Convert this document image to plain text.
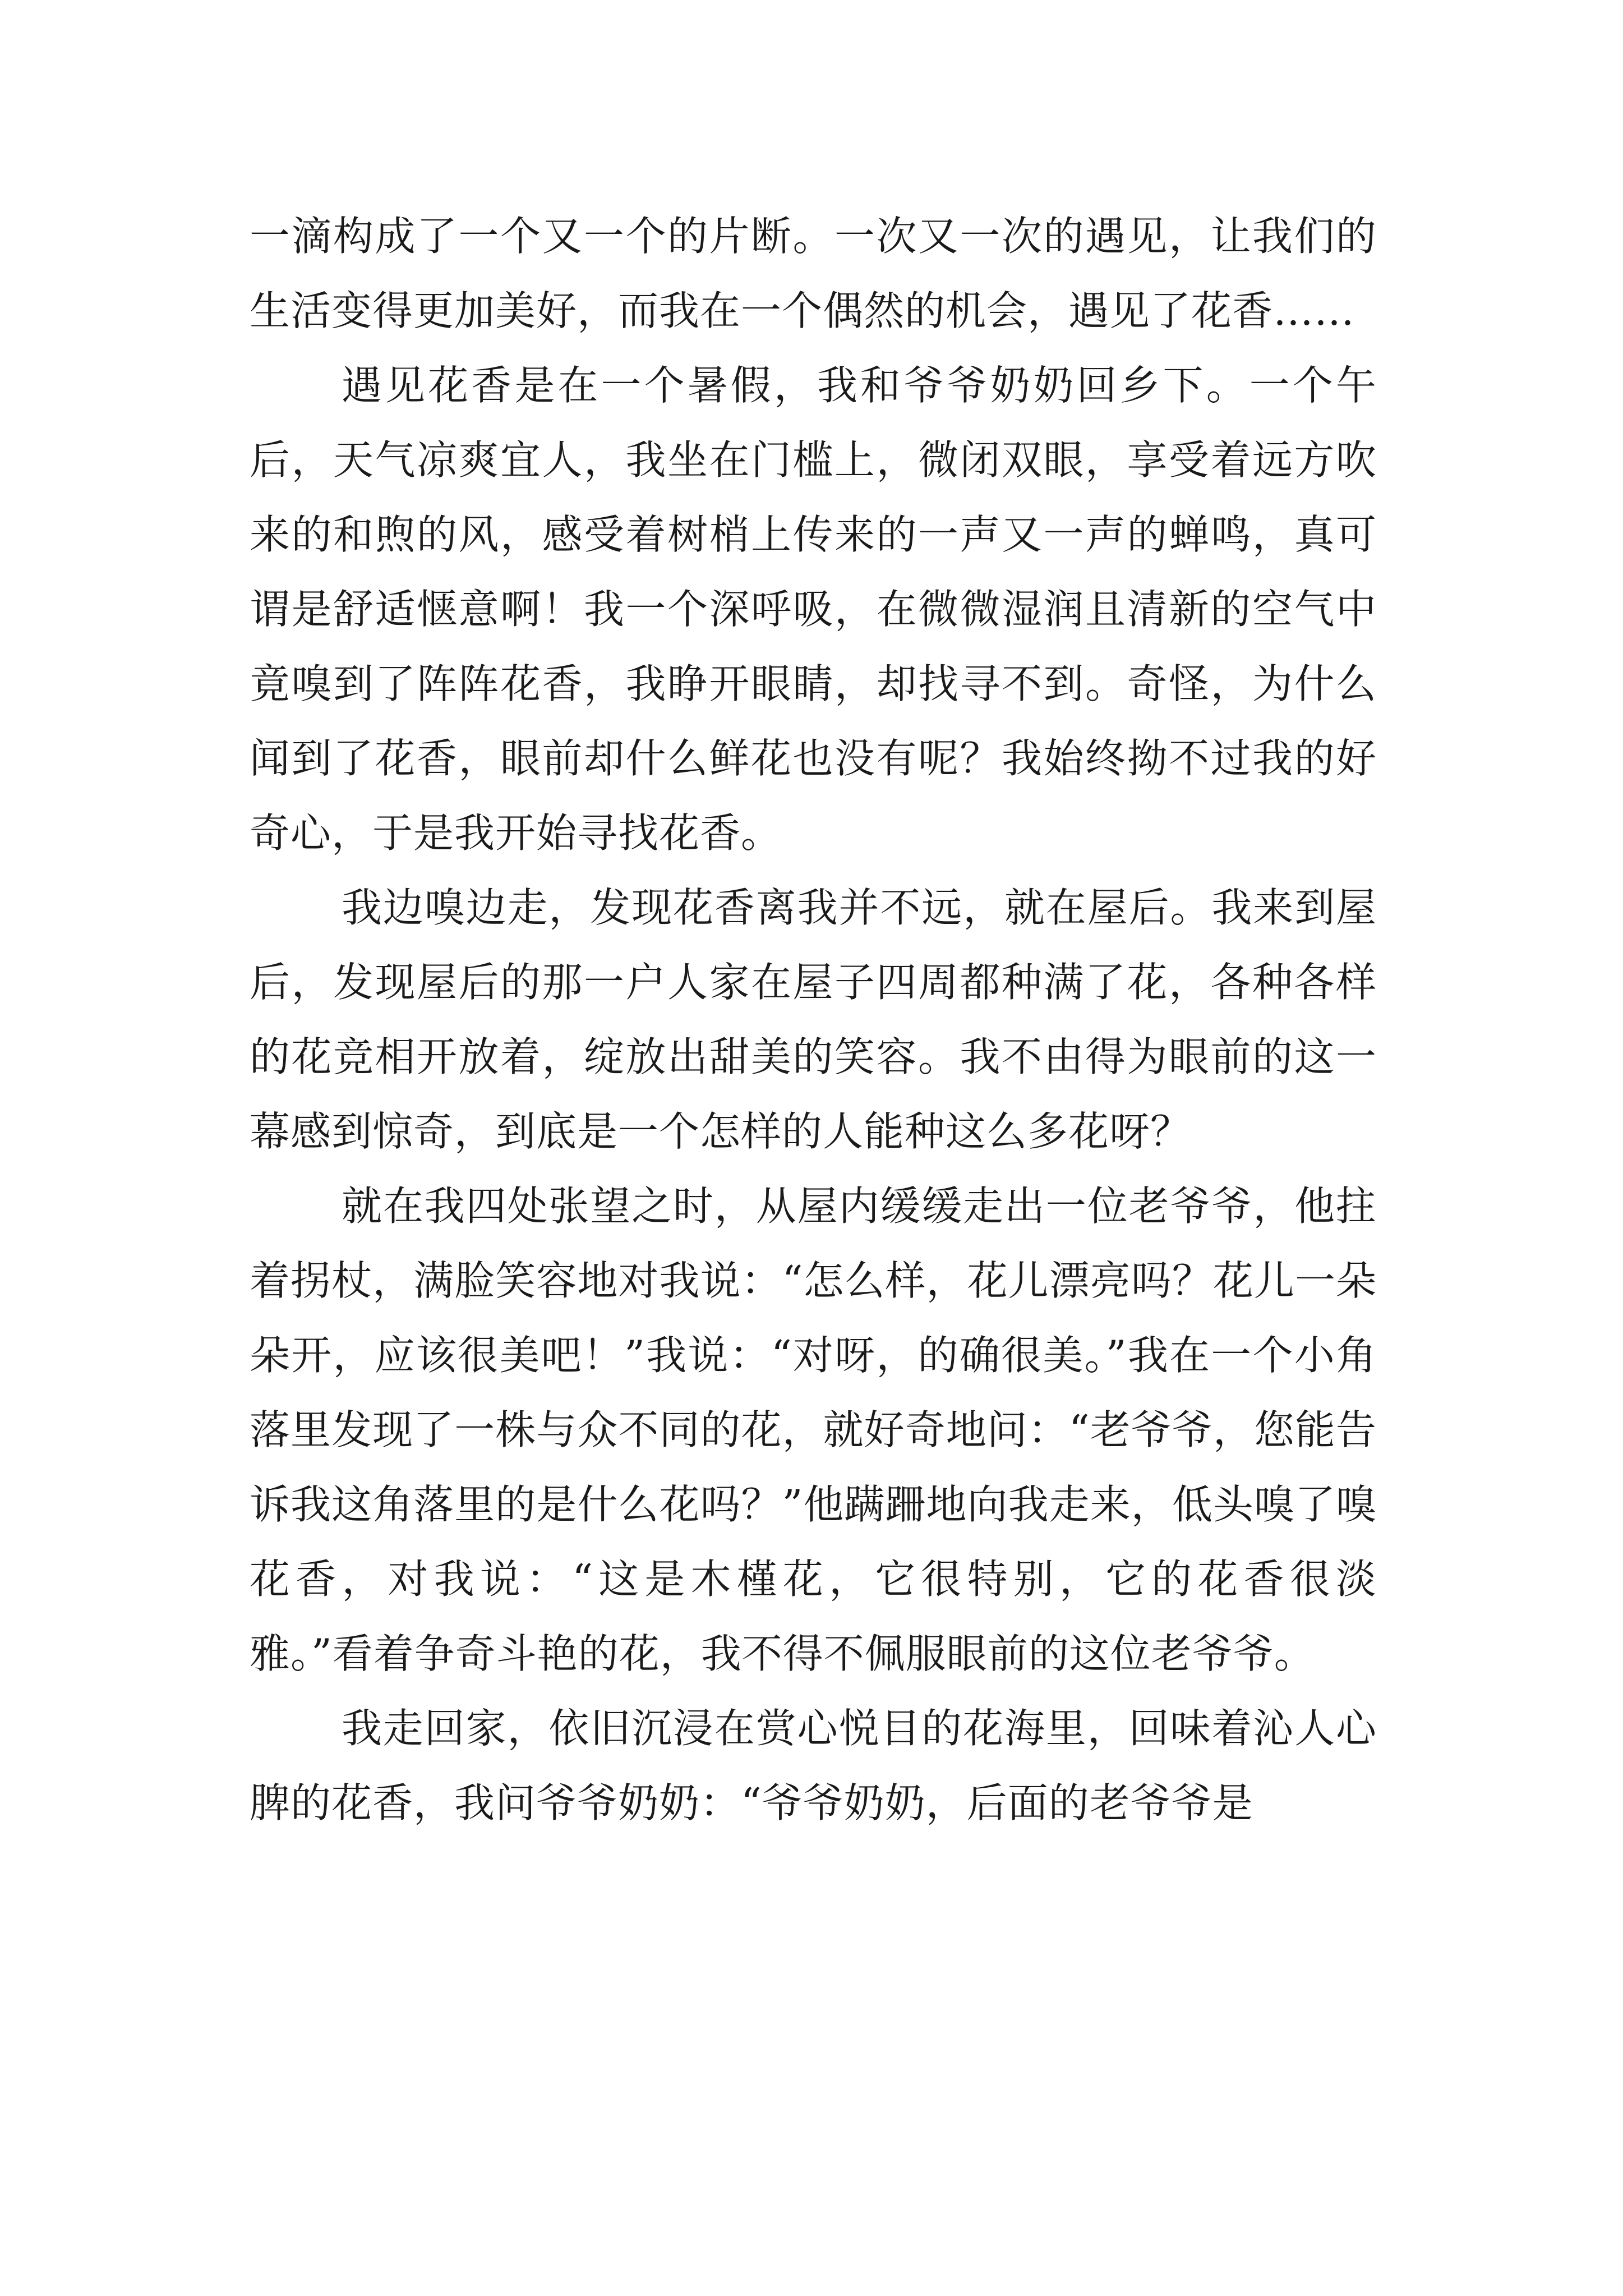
一滴构成了一个又一个的片断。一次又一次的遇见，让我们的生活变得更加美好，而我在一个偶然的机会，遇见了花香……

遇见花香是在一个暑假，我和爷爷奶奶回乡下。一个午后，天气凉爽宜人，我坐在门槛上，微闭双眼，享受着远方吹来的和煦的风，感受着树梢上传来的一声又一声的蝉鸣，真可谓是舒适惬意啊！我一个深呼吸，在微微湿润且清新的空气中竟嗅到了阵阵花香，我睁开眼睛，却找寻不到。奇怪，为什么闻到了花香，眼前却什么鲜花也没有呢？我始终拗不过我的好奇心，于是我开始寻找花香。

我边嗅边走，发现花香离我并不远，就在屋后。我来到屋后，发现屋后的那一户人家在屋子四周都种满了花，各种各样的花竞相开放着，绽放出甜美的笑容。我不由得为眼前的这一幕感到惊奇，到底是一个怎样的人能种这么多花呀？

就在我四处张望之时，从屋内缓缓走出一位老爷爷，他拄着拐杖，满脸笑容地对我说：“怎么样，花儿漂亮吗？花儿一朵朵开，应该很美吧！”我说：“对呀，的确很美。”我在一个小角落里发现了一株与众不同的花，就好奇地问：“老爷爷，您能告诉我这角落里的是什么花吗？”他蹒跚地向我走来，低头嗅了嗅花香，对我说：“这是木槿花，它很特别，它的花香很淡雅。”看着争奇斗艳的花，我不得不佩服眼前的这位老爷爷。

我走回家，依旧沉浸在赏心悦目的花海里，回味着沁人心脾的花香，我问爷爷奶奶：“爷爷奶奶，后面的老爷爷是
